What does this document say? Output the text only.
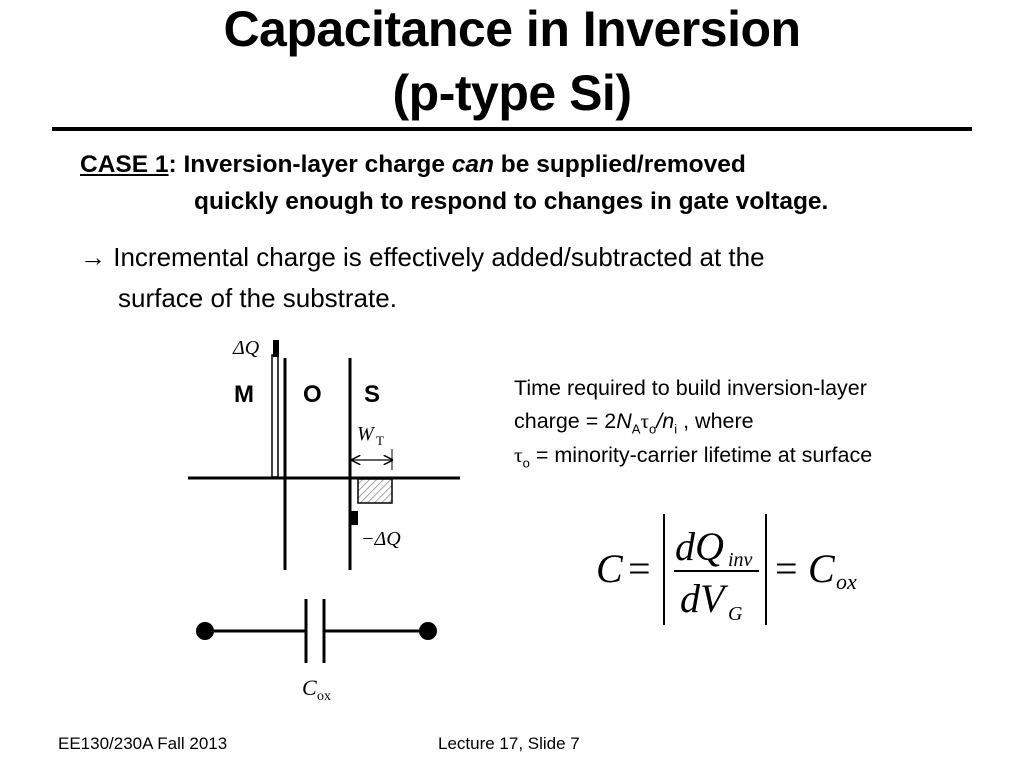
Capacitance in Inversion
(p-type Si)
CASE 1: Inversion-layer charge can be supplied/removed
quickly enough to respond to changes in gate voltage.
→ Incremental charge is effectively added/subtracted at the
surface of the substrate.
Time required to build inversion-layer
charge = $2N_A\tau_o/n_i$ , where
$\tau_o$ = minority-carrier lifetime at surface
ΔQ
M O S
W T
−ΔQ
C ox
C = dQ inv
dV G
= C ox
EE130/230A Fall 2013	Lecture 17, Slide 7
